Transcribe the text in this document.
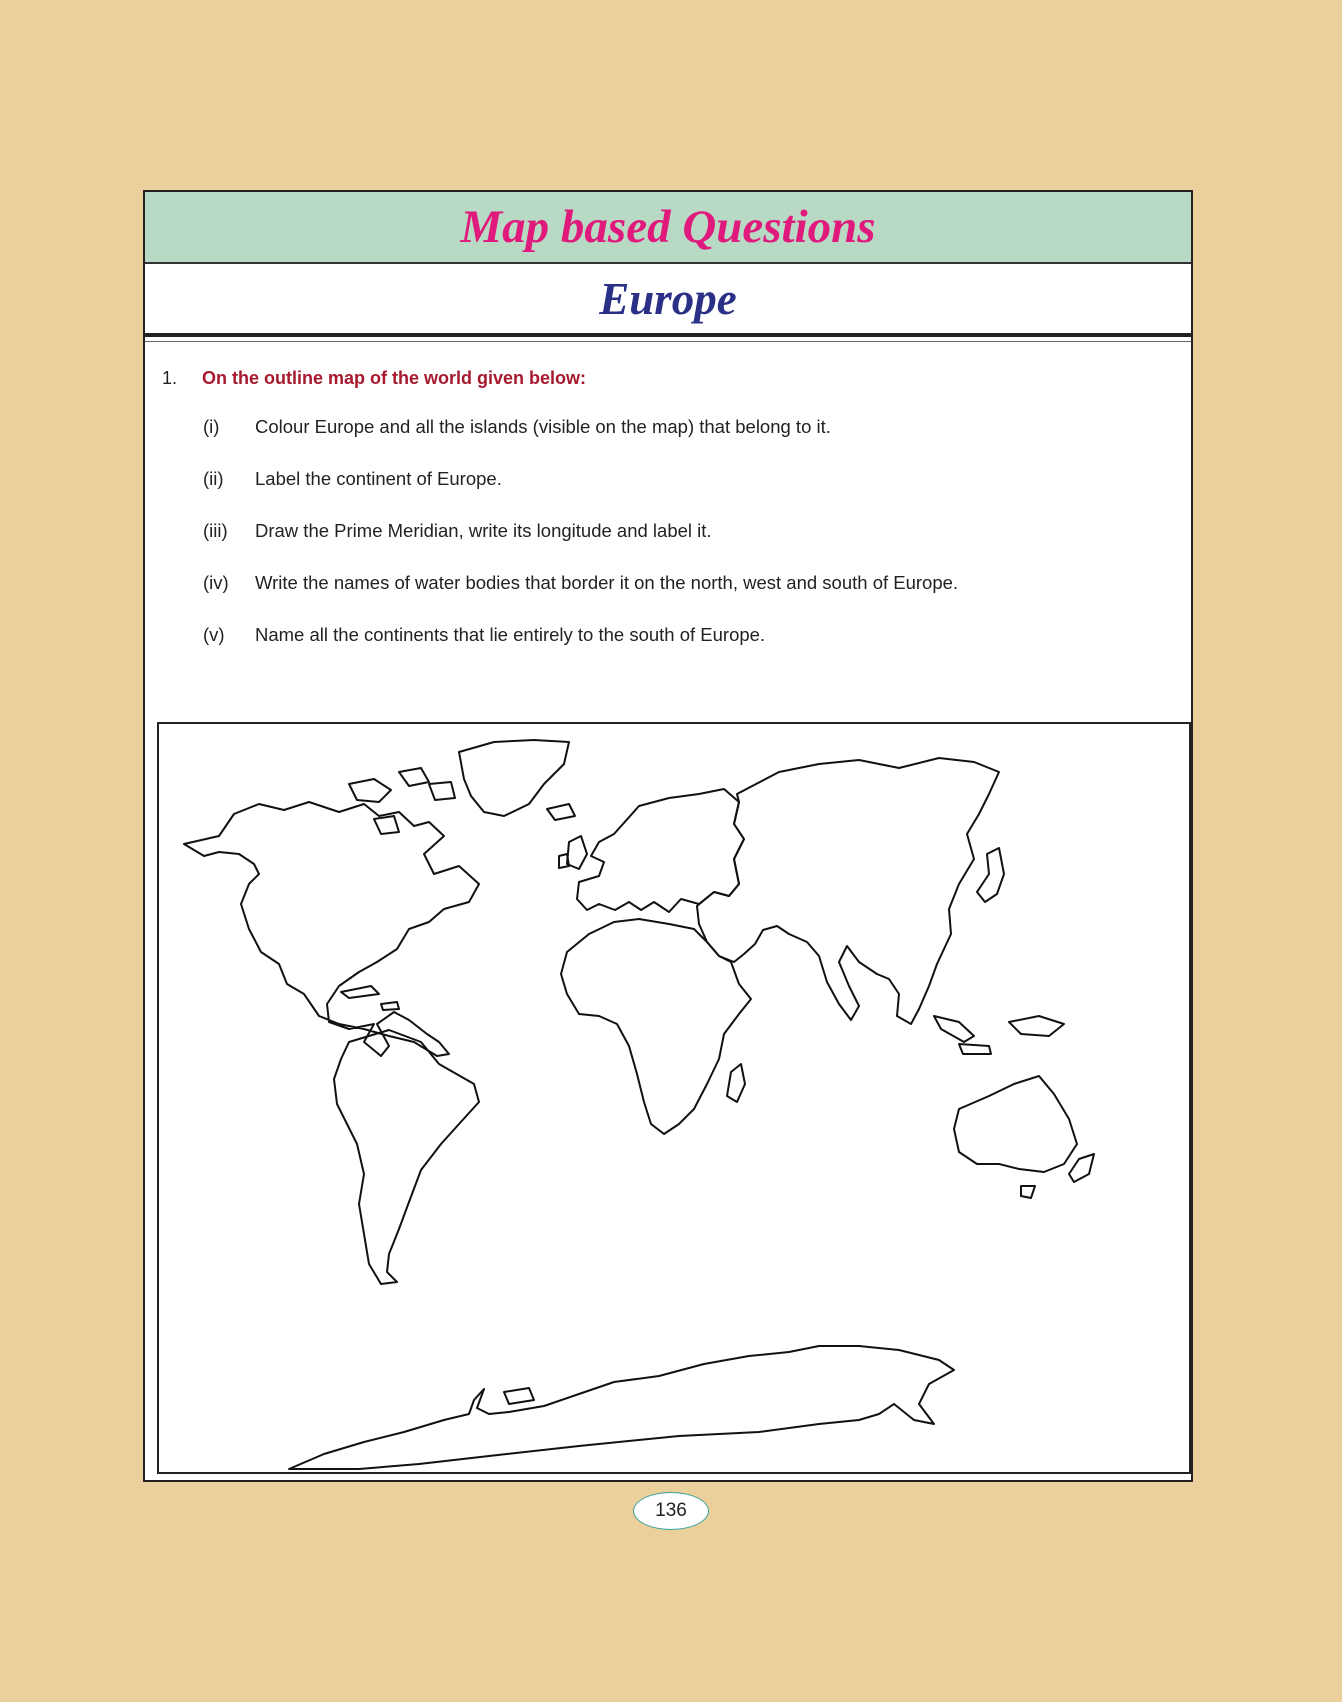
Map based Questions
Europe
1. On the outline map of the world given below:
(i)	Colour Europe and all the islands (visible on the map) that belong to it.
(ii)	Label the continent of Europe.
(iii)	Draw the Prime Meridian, write its longitude and label it.
(iv)	Write the names of water bodies that border it on the north, west and south of Europe.
(v)	Name all the continents that lie entirely to the south of Europe.
136
